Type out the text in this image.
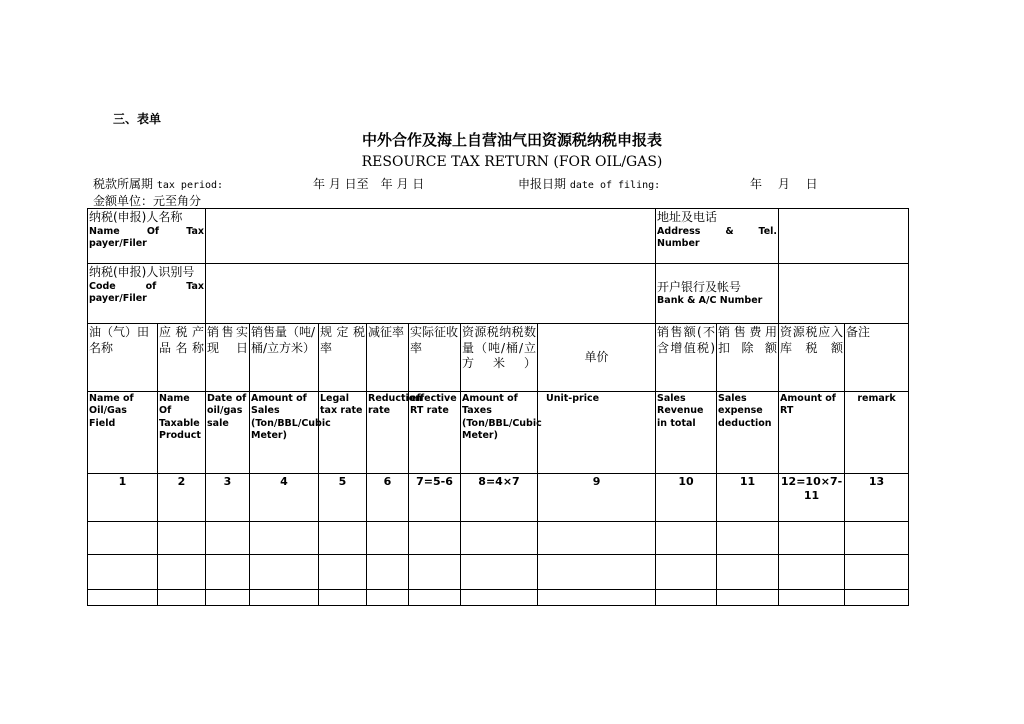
三、表单
中外合作及海上自营油气田资源税纳税申报表
RESOURCE TAX RETURN (FOR OIL/GAS)
税款所属期 tax period:	年 月 日至　年 月 日	申报日期 date of filing:	年　 月　 日
金额单位：元至角分
纳税(申报)人名称
Name Of Tax payer/Filer									地址及电话
Address & Tel. Number			

纳税(申报)人识别号
Code of Tax payer/Filer									开户银行及帐号
Bank & A/C Number			

油（气）田名称	应税产品名称	销售实现日	销售量（吨/桶/立方米）	规定税率	减征率	实际征收率	资源税纳税数量（吨/桶/立方米）	单价	销售额(不含增值税)	销售费用扣除额	资源税应入库税额	备注

Name of Oil/Gas Field	Name Of Taxable Product	Date of oil/gas sale	Amount of Sales (Ton/BBL/Cubic Meter)	Legal tax rate	Reduction rate	effective RT rate	Amount of Taxes (Ton/BBL/Cubic Meter)	Unit-price	Sales Revenue in total	Sales expense deduction	Amount of RT	remark

1	2	3	4	5	6	7=5-6	8=4×7	9	10	11	12=10×7-11	13
